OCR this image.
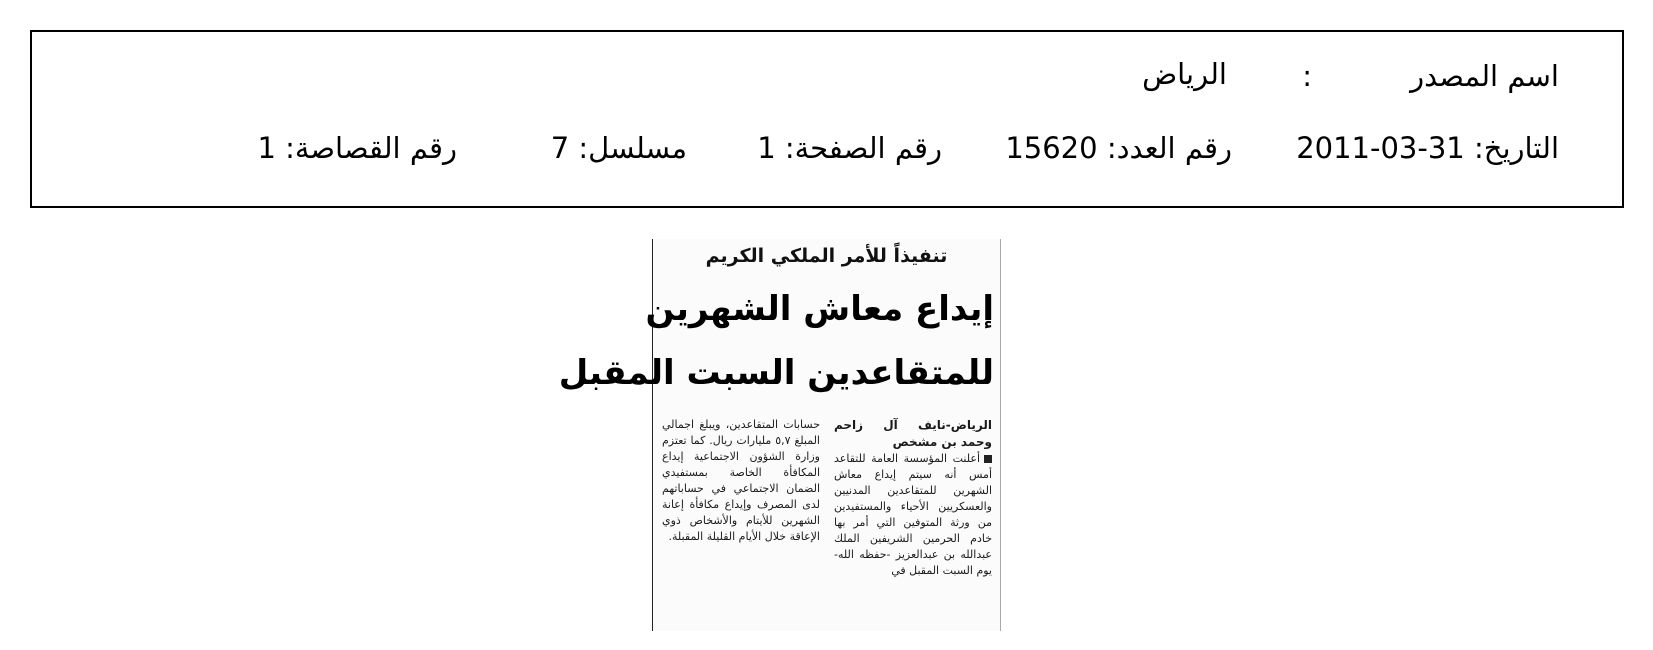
اسم المصدر
:
الرياض
التاريخ: 2011-03-31
رقم العدد: 15620
رقم الصفحة: 1
مسلسل: 7
رقم القصاصة: 1
تنفيذاً للأمر الملكي الكريم
إيداع معاش الشهرين
للمتقاعدين السبت المقبل
الرياض-نايف آل زاحم وحمد بن مشخص
أعلنت المؤسسة العامة للتقاعد أمس أنه سيتم إيداع معاش الشهرين للمتقاعدين المدنيين والعسكريين الأحياء والمستفيدين من ورثة المتوفين التي أمر بها خادم الحرمين الشريفين الملك عبدالله بن عبدالعزيز -حفظه الله- يوم السبت المقبل في
حسابات المتقاعدين، ويبلغ اجمالي المبلغ ٥,٧ مليارات ريال. كما تعتزم وزارة الشؤون الاجتماعية إيداع المكافأة الخاصة بمستفيدي الضمان الاجتماعي في حساباتهم لدى المصرف وإيداع مكافأة إعانة الشهرين للأيتام والأشخاص ذوي الإعاقة خلال الأيام القليلة المقبلة.
